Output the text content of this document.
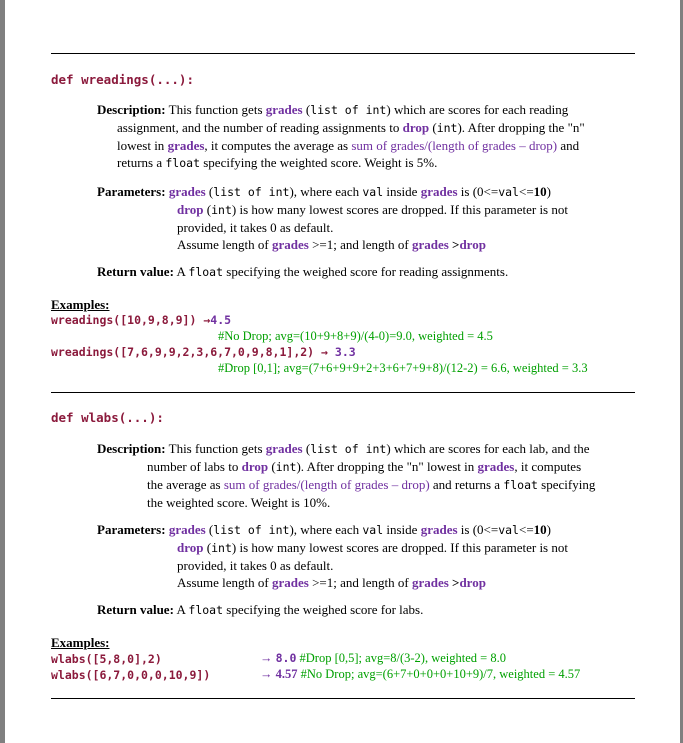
def wreadings(...):
Description: This function gets grades (list of int) which are scores for each reading
assignment, and the number of reading assignments to drop (int). After dropping the "n"
lowest in grades, it computes the average as sum of grades/(length of grades – drop) and
returns a float specifying the weighted score. Weight is 5%.
Parameters: grades (list of int), where each val inside grades is (0<=val<=10)
drop (int) is how many lowest scores are dropped. If this parameter is not
provided, it takes 0 as default.
Assume length of grades >=1; and length of grades >drop
Return value: A float specifying the weighed score for reading assignments.
Examples:
wreadings([10,9,8,9]) →4.5
#No Drop; avg=(10+9+8+9)/(4-0)=9.0, weighted = 4.5
wreadings([7,6,9,9,2,3,6,7,0,9,8,1],2) → 3.3
#Drop [0,1]; avg=(7+6+9+9+2+3+6+7+9+8)/(12-2) = 6.6, weighted = 3.3
def wlabs(...):
Description: This function gets grades (list of int) which are scores for each lab, and the
number of labs to drop (int). After dropping the "n" lowest in grades, it computes
the average as sum of grades/(length of grades – drop) and returns a float specifying
the weighted score. Weight is 10%.
Parameters: grades (list of int), where each val inside grades is (0<=val<=10)
drop (int) is how many lowest scores are dropped. If this parameter is not
provided, it takes 0 as default.
Assume length of grades >=1; and length of grades >drop
Return value: A float specifying the weighed score for labs.
Examples:
wlabs([5,8,0],2)	→ 8.0 #Drop [0,5]; avg=8/(3-2), weighted = 8.0
wlabs([6,7,0,0,0,10,9])	→ 4.57 #No Drop; avg=(6+7+0+0+0+10+9)/7, weighted = 4.57
